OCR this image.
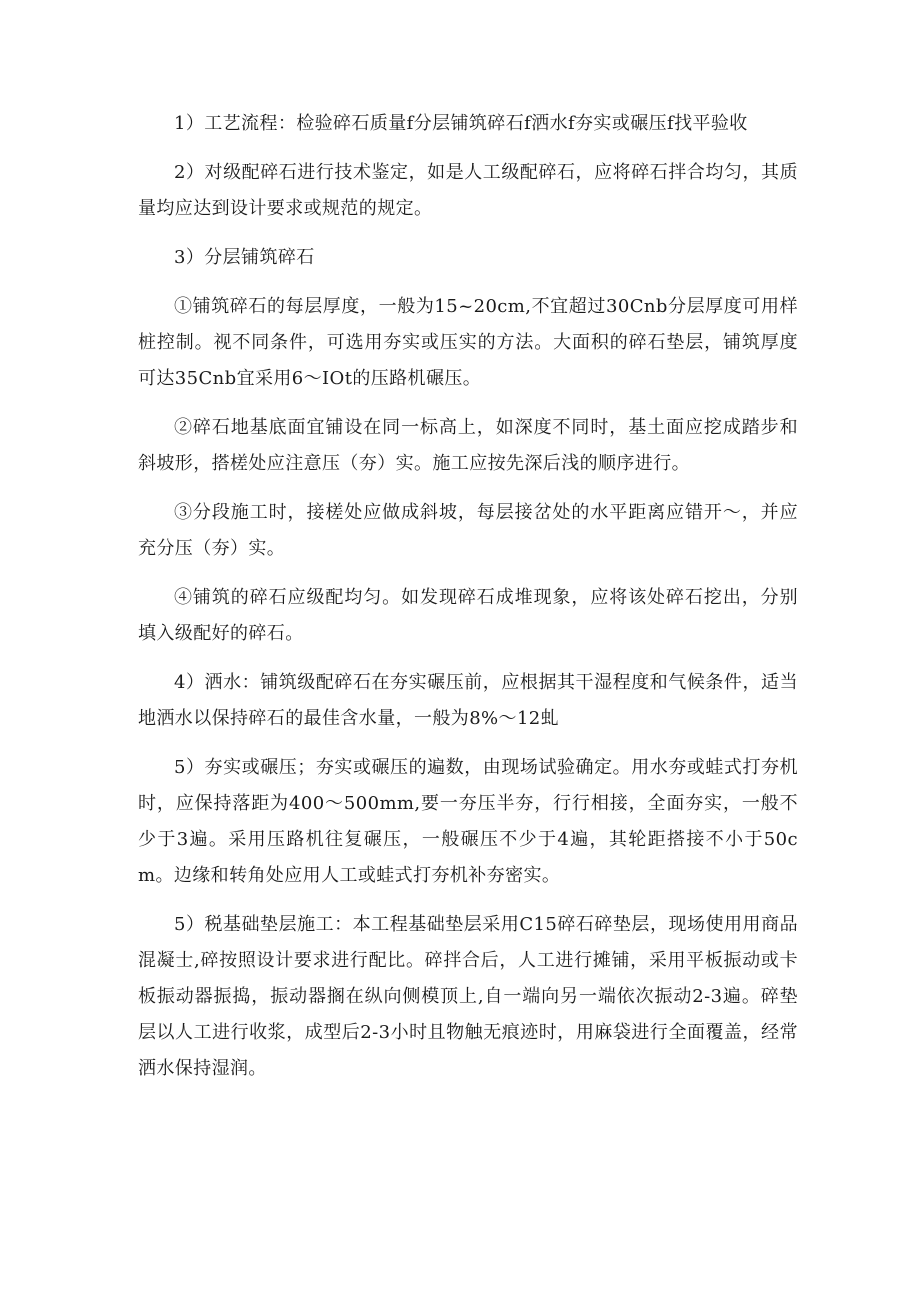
1）工艺流程：检验碎石质量f分层铺筑碎石f洒水f夯实或碾压f找平验收

2）对级配碎石进行技术鉴定，如是人工级配碎石，应将碎石拌合均匀，其质量均应达到设计要求或规范的规定。

3）分层铺筑碎石

①铺筑碎石的每层厚度，一般为15~20cm,不宜超过30Cnb分层厚度可用样桩控制。视不同条件，可选用夯实或压实的方法。大面积的碎石垫层，铺筑厚度可达35Cnb宜采用6～IOt的压路机碾压。

②碎石地基底面宜铺设在同一标高上，如深度不同时，基土面应挖成踏步和斜坡形，搭槎处应注意压（夯）实。施工应按先深后浅的顺序进行。

③分段施工时，接槎处应做成斜坡，每层接岔处的水平距离应错开～，并应充分压（夯）实。

④铺筑的碎石应级配均匀。如发现碎石成堆现象，应将该处碎石挖出，分别填入级配好的碎石。

4）洒水：铺筑级配碎石在夯实碾压前，应根据其干湿程度和气候条件，适当地洒水以保持碎石的最佳含水量，一般为8%～12虬

5）夯实或碾压；夯实或碾压的遍数，由现场试验确定。用水夯或蛙式打夯机时，应保持落距为400～500mm,要一夯压半夯，行行相接，全面夯实，一般不少于3遍。采用压路机往复碾压，一般碾压不少于4遍，其轮距搭接不小于50cm。边缘和转角处应用人工或蛙式打夯机补夯密实。

5）税基础垫层施工：本工程基础垫层采用C15碎石碎垫层，现场使用用商品混凝士,碎按照设计要求进行配比。碎拌合后，人工进行摊铺，采用平板振动或卡板振动器振捣，振动器搁在纵向侧模顶上,自一端向另一端依次振动2-3遍。碎垫层以人工进行收浆，成型后2-3小时且物触无痕迹时，用麻袋进行全面覆盖，经常洒水保持湿润。
